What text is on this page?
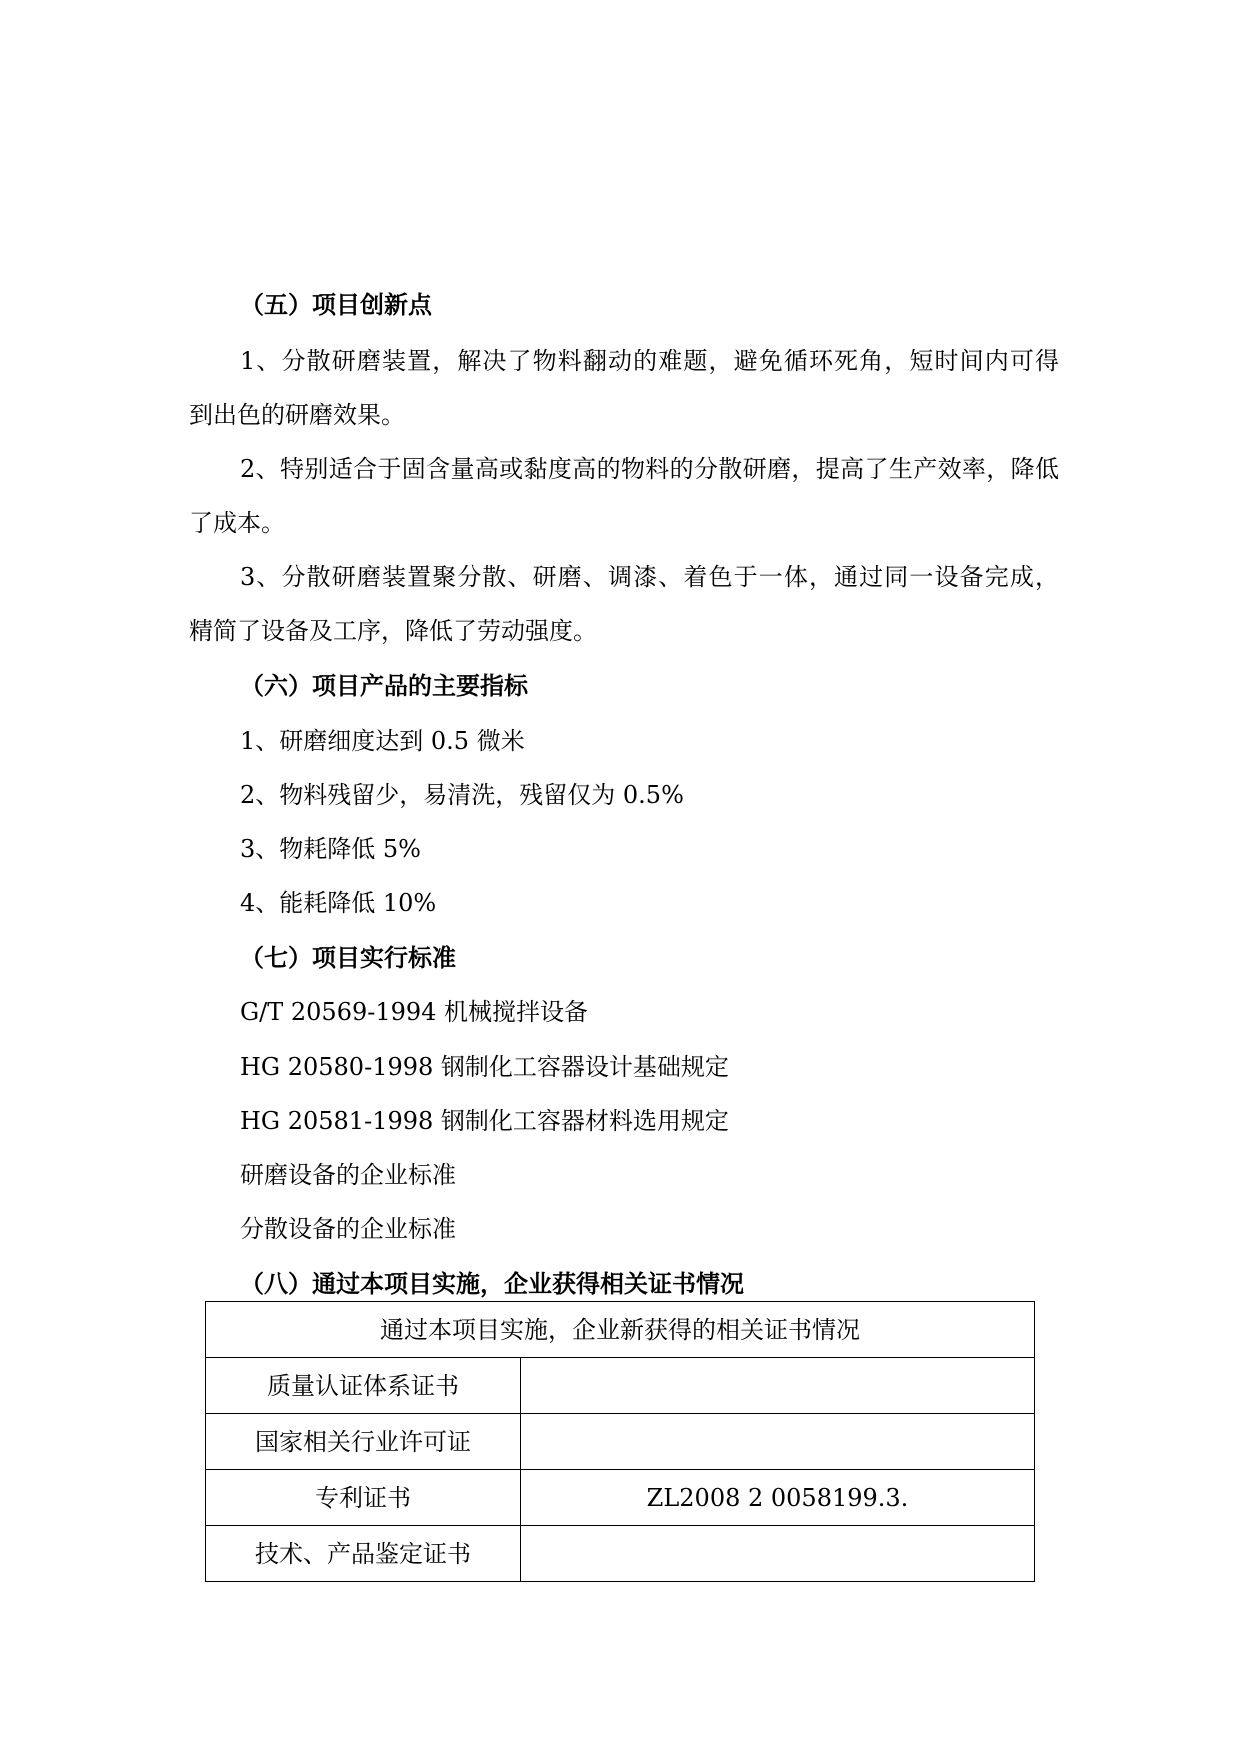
（五）项目创新点
1、分散研磨装置，解决了物料翻动的难题，避免循环死角，短时间内可得
到出色的研磨效果。
2、特别适合于固含量高或黏度高的物料的分散研磨，提高了生产效率，降低
了成本。
3、分散研磨装置聚分散、研磨、调漆、着色于一体，通过同一设备完成，
精简了设备及工序，降低了劳动强度。
（六）项目产品的主要指标
1、研磨细度达到 0.5 微米
2、物料残留少，易清洗，残留仅为 0.5%
3、物耗降低 5%
4、能耗降低 10%
（七）项目实行标准
G/T 20569-1994 机械搅拌设备
HG 20580-1998 钢制化工容器设计基础规定
HG 20581-1998 钢制化工容器材料选用规定
研磨设备的企业标准
分散设备的企业标准
（八）通过本项目实施，企业获得相关证书情况
通过本项目实施，企业新获得的相关证书情况	
质量认证体系证书	
国家相关行业许可证	
专利证书	ZL2008 2 0058199.3.
技术、产品鉴定证书	
